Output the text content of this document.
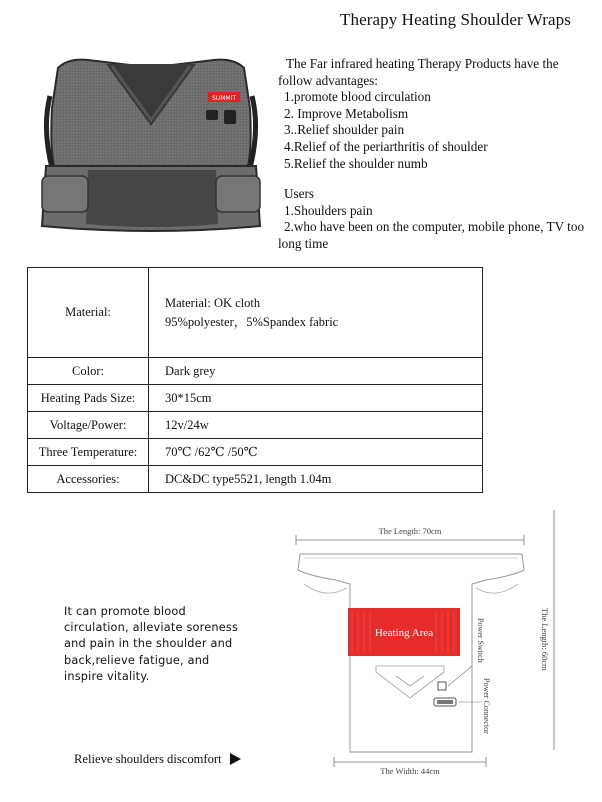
Therapy Heating Shoulder Wraps
SUMMIT
The Far infrared heating Therapy Products have the follow advantages:
1.promote blood circulation
2. Improve Metabolism
3..Relief shoulder pain
4.Relief of the periarthritis of shoulder
5.Relief the shoulder numb
Users
1.Shoulders pain
2.who have been on the computer, mobile phone, TV too long time
Material:	Material: OK cloth
95%polyester，5%Spandex fabric

Color:	Dark grey
Heating Pads Size:	30*15cm
Voltage/Power:	12v/24w
Three Temperature:	70℃ /62℃ /50℃
Accessories:	DC&DC type5521, length 1.04m
It can promote blood circulation, alleviate soreness and pain in the shoulder and back,relieve fatigue, and inspire vitality.
Relieve shoulders discomfort
The Length: 70cm
Heating Area	Power Switch
Power Connector
The Length: 60cm
The Width: 44cm
